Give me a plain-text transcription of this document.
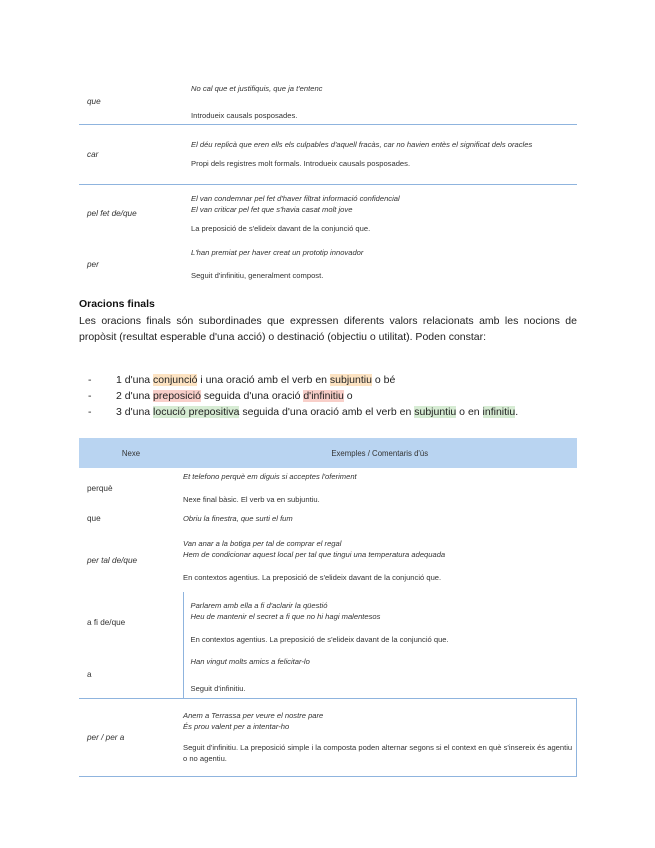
que	No cal que et justifiquis, que ja t'entenc
Introdueix causals posposades.

car	El déu replicà que eren ells els culpables d'aquell fracàs, car no havien entès el significat dels oracles
Propi dels registres molt formals. Introdueix causals posposades.

pel fet de/que	El van condemnar pel fet d'haver filtrat informació confidencial
El van criticar pel fet que s'havia casat molt jove
La preposició de s'elideix davant de la conjunció que.

per	L'han premiat per haver creat un prototip innovador
Seguit d'infinitiu, generalment compost.
Oracions finals

Les oracions finals són subordinades que expressen diferents valors relacionats amb les nocions de propòsit (resultat esperable d'una acció) o destinació (objectiu o utilitat). Poden constar:

- 1 d'una conjunció i una oració amb el verb en subjuntiu o bé
- 2 d'una preposició seguida d'una oració d'infinitiu o
- 3 d'una locució prepositiva seguida d'una oració amb el verb en subjuntiu o en infinitiu.
Nexe	Exemples / Comentaris d'ús
perquè	Et telefono perquè em diguis si acceptes l'oferiment
Nexe final bàsic. El verb va en subjuntiu.

que	Obriu la finestra, que surti el fum

per tal de/que	Van anar a la botiga per tal de comprar el regal
Hem de condicionar aquest local per tal que tingui una temperatura adequada
En contextos agentius. La preposició de s'elideix davant de la conjunció que.

a fi de/que	Parlarem amb ella a fi d'aclarir la qüestió
Heu de mantenir el secret a fi que no hi hagi malentesos
En contextos agentius. La preposició de s'elideix davant de la conjunció que.

a	Han vingut molts amics a felicitar-lo
Seguit d'infinitiu.

per / per a	Anem a Terrassa per veure el nostre pare
És prou valent per a intentar-ho
Seguit d'infinitiu. La preposició simple i la composta poden alternar segons si el context en què s'insereix és agentiu o no agentiu.
